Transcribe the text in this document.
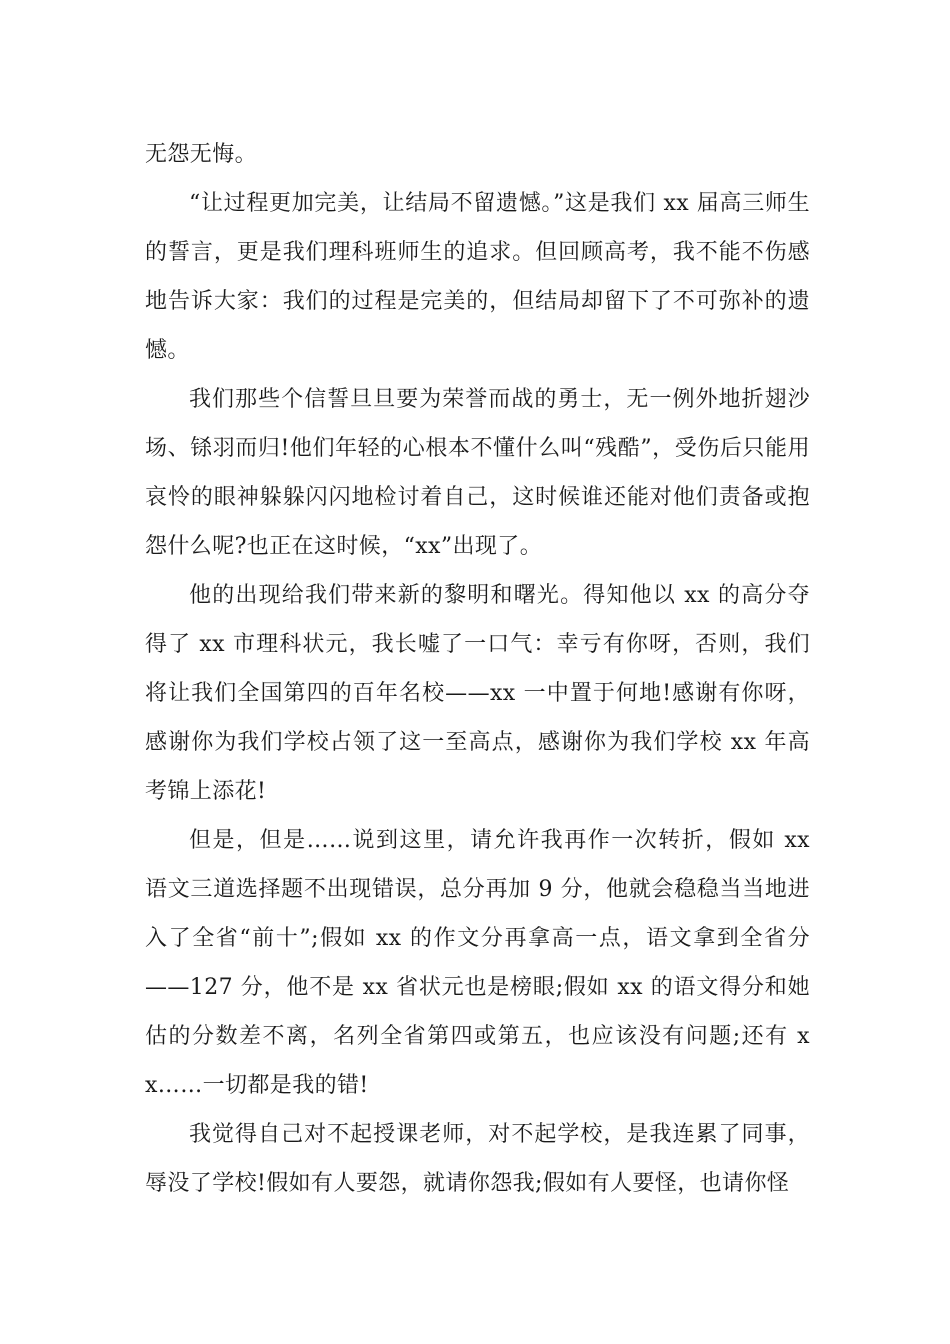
无怨无悔。

“让过程更加完美，让结局不留遗憾。”这是我们 xx 届高三师生的誓言，更是我们理科班师生的追求。但回顾高考，我不能不伤感地告诉大家：我们的过程是完美的，但结局却留下了不可弥补的遗憾。

我们那些个信誓旦旦要为荣誉而战的勇士，无一例外地折翅沙场、铩羽而归!他们年轻的心根本不懂什么叫“残酷”，受伤后只能用哀怜的眼神躲躲闪闪地检讨着自己，这时候谁还能对他们责备或抱怨什么呢?也正在这时候，“xx”出现了。

他的出现给我们带来新的黎明和曙光。得知他以 xx 的高分夺得了 xx 市理科状元，我长嘘了一口气：幸亏有你呀，否则，我们将让我们全国第四的百年名校——xx 一中置于何地!感谢有你呀，感谢你为我们学校占领了这一至高点，感谢你为我们学校 xx 年高考锦上添花!

但是，但是……说到这里，请允许我再作一次转折，假如 xx 语文三道选择题不出现错误，总分再加 9 分，他就会稳稳当当地进入了全省“前十”;假如 xx 的作文分再拿高一点，语文拿到全省分——127 分，他不是 xx 省状元也是榜眼;假如 xx 的语文得分和她估的分数差不离，名列全省第四或第五，也应该没有问题;还有 xx……一切都是我的错!

我觉得自己对不起授课老师，对不起学校，是我连累了同事，辱没了学校!假如有人要怨，就请你怨我;假如有人要怪，也请你怪
